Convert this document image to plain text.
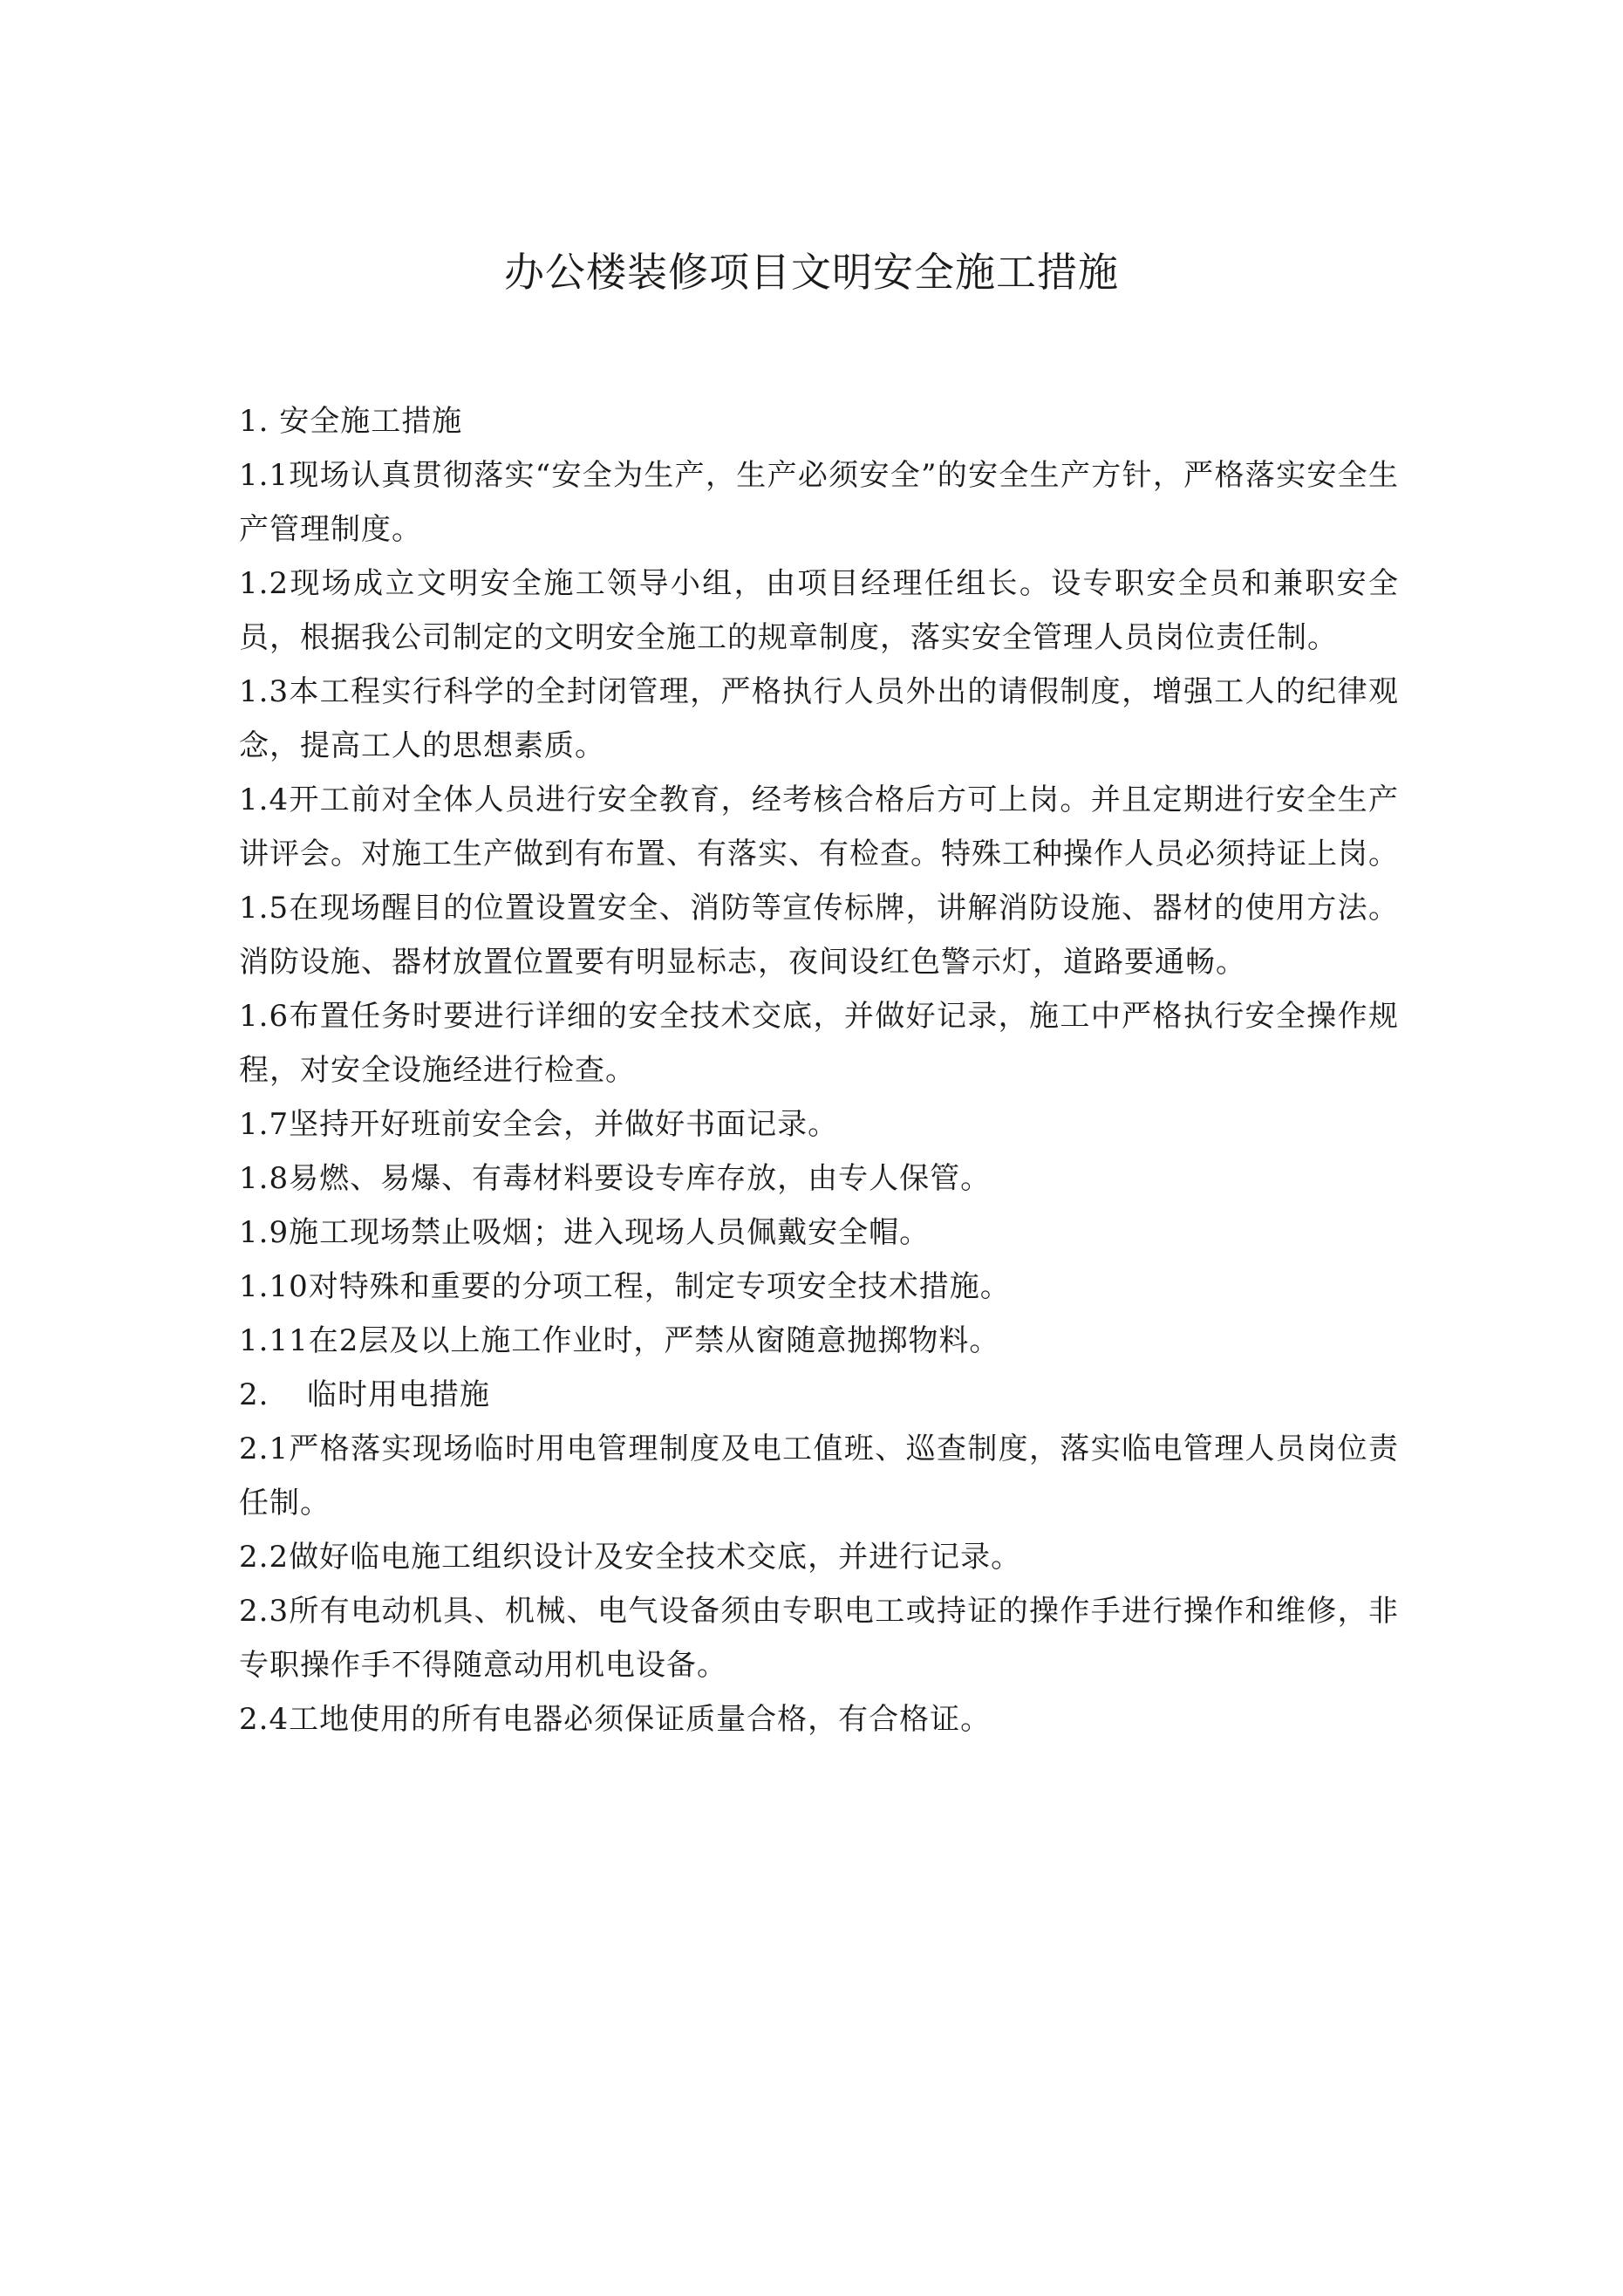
办公楼装修项目文明安全施工措施

1. 安全施工措施

1.1现场认真贯彻落实“安全为生产，生产必须安全”的安全生产方针，严格落实安全生产管理制度。

1.2现场成立文明安全施工领导小组，由项目经理任组长。设专职安全员和兼职安全员，根据我公司制定的文明安全施工的规章制度，落实安全管理人员岗位责任制。

1.3本工程实行科学的全封闭管理，严格执行人员外出的请假制度，增强工人的纪律观念，提高工人的思想素质。

1.4开工前对全体人员进行安全教育，经考核合格后方可上岗。并且定期进行安全生产讲评会。对施工生产做到有布置、有落实、有检查。特殊工种操作人员必须持证上岗。

1.5在现场醒目的位置设置安全、消防等宣传标牌，讲解消防设施、器材的使用方法。消防设施、器材放置位置要有明显标志，夜间设红色警示灯，道路要通畅。

1.6布置任务时要进行详细的安全技术交底，并做好记录，施工中严格执行安全操作规程，对安全设施经进行检查。

1.7坚持开好班前安全会，并做好书面记录。

1.8易燃、易爆、有毒材料要设专库存放，由专人保管。

1.9施工现场禁止吸烟；进入现场人员佩戴安全帽。

1.10对特殊和重要的分项工程，制定专项安全技术措施。

1.11在2层及以上施工作业时，严禁从窗随意抛掷物料。

2. 临时用电措施

2.1严格落实现场临时用电管理制度及电工值班、巡查制度，落实临电管理人员岗位责任制。

2.2做好临电施工组织设计及安全技术交底，并进行记录。

2.3所有电动机具、机械、电气设备须由专职电工或持证的操作手进行操作和维修，非专职操作手不得随意动用机电设备。

2.4工地使用的所有电器必须保证质量合格，有合格证。
